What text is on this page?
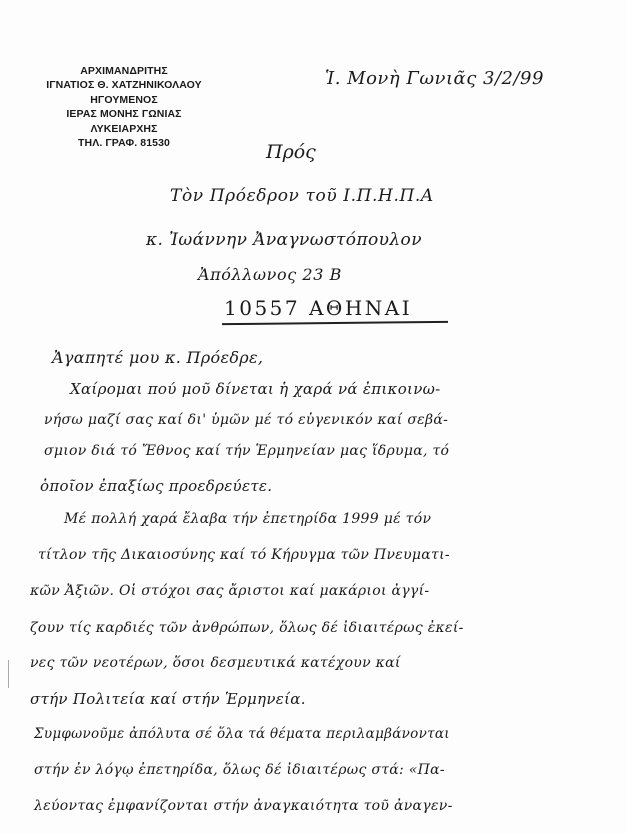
ΑΡΧΙΜΑΝΔΡΙΤΗΣ
ΙΓΝΑΤΙΟΣ Θ. ΧΑΤΖΗΝΙΚΟΛΑΟΥ
ΗΓΟΥΜΕΝΟΣ
ΙΕΡΑΣ ΜΟΝΗΣ ΓΩΝΙΑΣ
ΛΥΚΕΙΑΡΧΗΣ
ΤΗΛ. ΓΡΑΦ. 81530
Ἱ. Μονὴ Γωνιᾶς 3/2/99
Πρός
Τὸν Πρόεδρον τοῦ Ι.Π.Η.Π.Α
κ. Ἰωάννην Ἀναγνωστόπουλον
Ἀπόλλωνος 23 Β
10557 ΑΘΗΝΑΙ
Ἀγαπητέ μου κ. Πρόεδρε,
Χαίρομαι πού μοῦ δίνεται ἡ χαρά νά ἐπικοινω-
νήσω μαζί σας καί δι' ὑμῶν μέ τό εὐγενικόν καί σεβά-
σμιον διά τό Ἔθνος καί τήν Ἑρμηνείαν μας ἵδρυμα, τό
ὁποῖον ἐπαξίως προεδρεύετε.
Μέ πολλή χαρά ἔλαβα τήν ἐπετηρίδα 1999 μέ τόν
τίτλον τῆς Δικαιοσύνης καί τό Κήρυγμα τῶν Πνευματι-
κῶν Ἀξιῶν. Οἱ στόχοι σας ἄριστοι καί μακάριοι ἀγγί-
ζουν τίς καρδιές τῶν ἀνθρώπων, ὅλως δέ ἰδιαιτέρως ἐκεί-
νες τῶν νεοτέρων, ὅσοι δεσμευτικά κατέχουν καί
στήν Πολιτεία καί στήν Ἑρμηνεία.
Συμφωνοῦμε ἀπόλυτα σέ ὅλα τά θέματα περιλαμβάνονται
στήν ἐν λόγῳ ἐπετηρίδα, ὅλως δέ ἰδιαιτέρως στά: «Πα-
λεύοντας ἐμφανίζονται στήν ἀναγκαιότητα τοῦ ἀναγεν-
